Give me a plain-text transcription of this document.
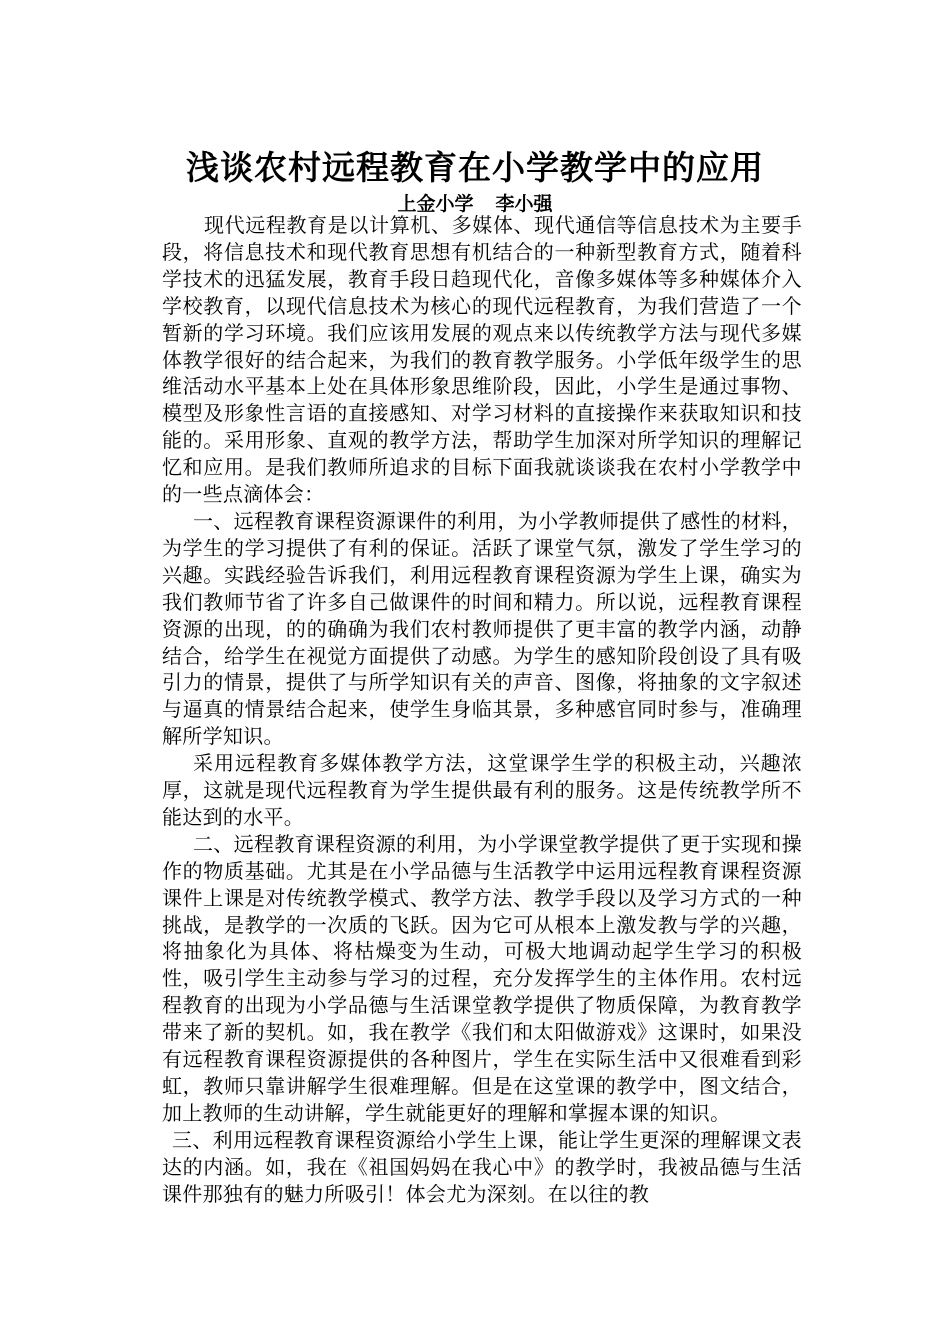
浅谈农村远程教育在小学教学中的应用
上金小学 李小强

现代远程教育是以计算机、多媒体、现代通信等信息技术为主要手段，将信息技术和现代教育思想有机结合的一种新型教育方式，随着科学技术的迅猛发展，教育手段日趋现代化，音像多媒体等多种媒体介入学校教育，以现代信息技术为核心的现代远程教育，为我们营造了一个暂新的学习环境。我们应该用发展的观点来以传统教学方法与现代多媒体教学很好的结合起来，为我们的教育教学服务。小学低年级学生的思维活动水平基本上处在具体形象思维阶段，因此，小学生是通过事物、模型及形象性言语的直接感知、对学习材料的直接操作来获取知识和技能的。采用形象、直观的教学方法，帮助学生加深对所学知识的理解记忆和应用。是我们教师所追求的目标下面我就谈谈我在农村小学教学中的一些点滴体会：

一、远程教育课程资源课件的利用，为小学教师提供了感性的材料，为学生的学习提供了有利的保证。活跃了课堂气氛，激发了学生学习的兴趣。实践经验告诉我们，利用远程教育课程资源为学生上课，确实为我们教师节省了许多自己做课件的时间和精力。所以说，远程教育课程资源的出现，的的确确为我们农村教师提供了更丰富的教学内涵，动静结合，给学生在视觉方面提供了动感。为学生的感知阶段创设了具有吸引力的情景，提供了与所学知识有关的声音、图像，将抽象的文字叙述与逼真的情景结合起来，使学生身临其景，多种感官同时参与，准确理解所学知识。

采用远程教育多媒体教学方法，这堂课学生学的积极主动，兴趣浓厚，这就是现代远程教育为学生提供最有利的服务。这是传统教学所不能达到的水平。

二、远程教育课程资源的利用，为小学课堂教学提供了更于实现和操作的物质基础。尤其是在小学品德与生活教学中运用远程教育课程资源课件上课是对传统教学模式、教学方法、教学手段以及学习方式的一种挑战，是教学的一次质的飞跃。因为它可从根本上激发教与学的兴趣，将抽象化为具体、将枯燥变为生动，可极大地调动起学生学习的积极性，吸引学生主动参与学习的过程，充分发挥学生的主体作用。农村远程教育的出现为小学品德与生活课堂教学提供了物质保障，为教育教学带来了新的契机。如，我在教学《我们和太阳做游戏》这课时，如果没有远程教育课程资源提供的各种图片，学生在实际生活中又很难看到彩虹，教师只靠讲解学生很难理解。但是在这堂课的教学中，图文结合，加上教师的生动讲解，学生就能更好的理解和掌握本课的知识。

三、利用远程教育课程资源给小学生上课，能让学生更深的理解课文表达的内涵。如，我在《祖国妈妈在我心中》的教学时，我被品德与生活课件那独有的魅力所吸引！体会尤为深刻。在以往的教
